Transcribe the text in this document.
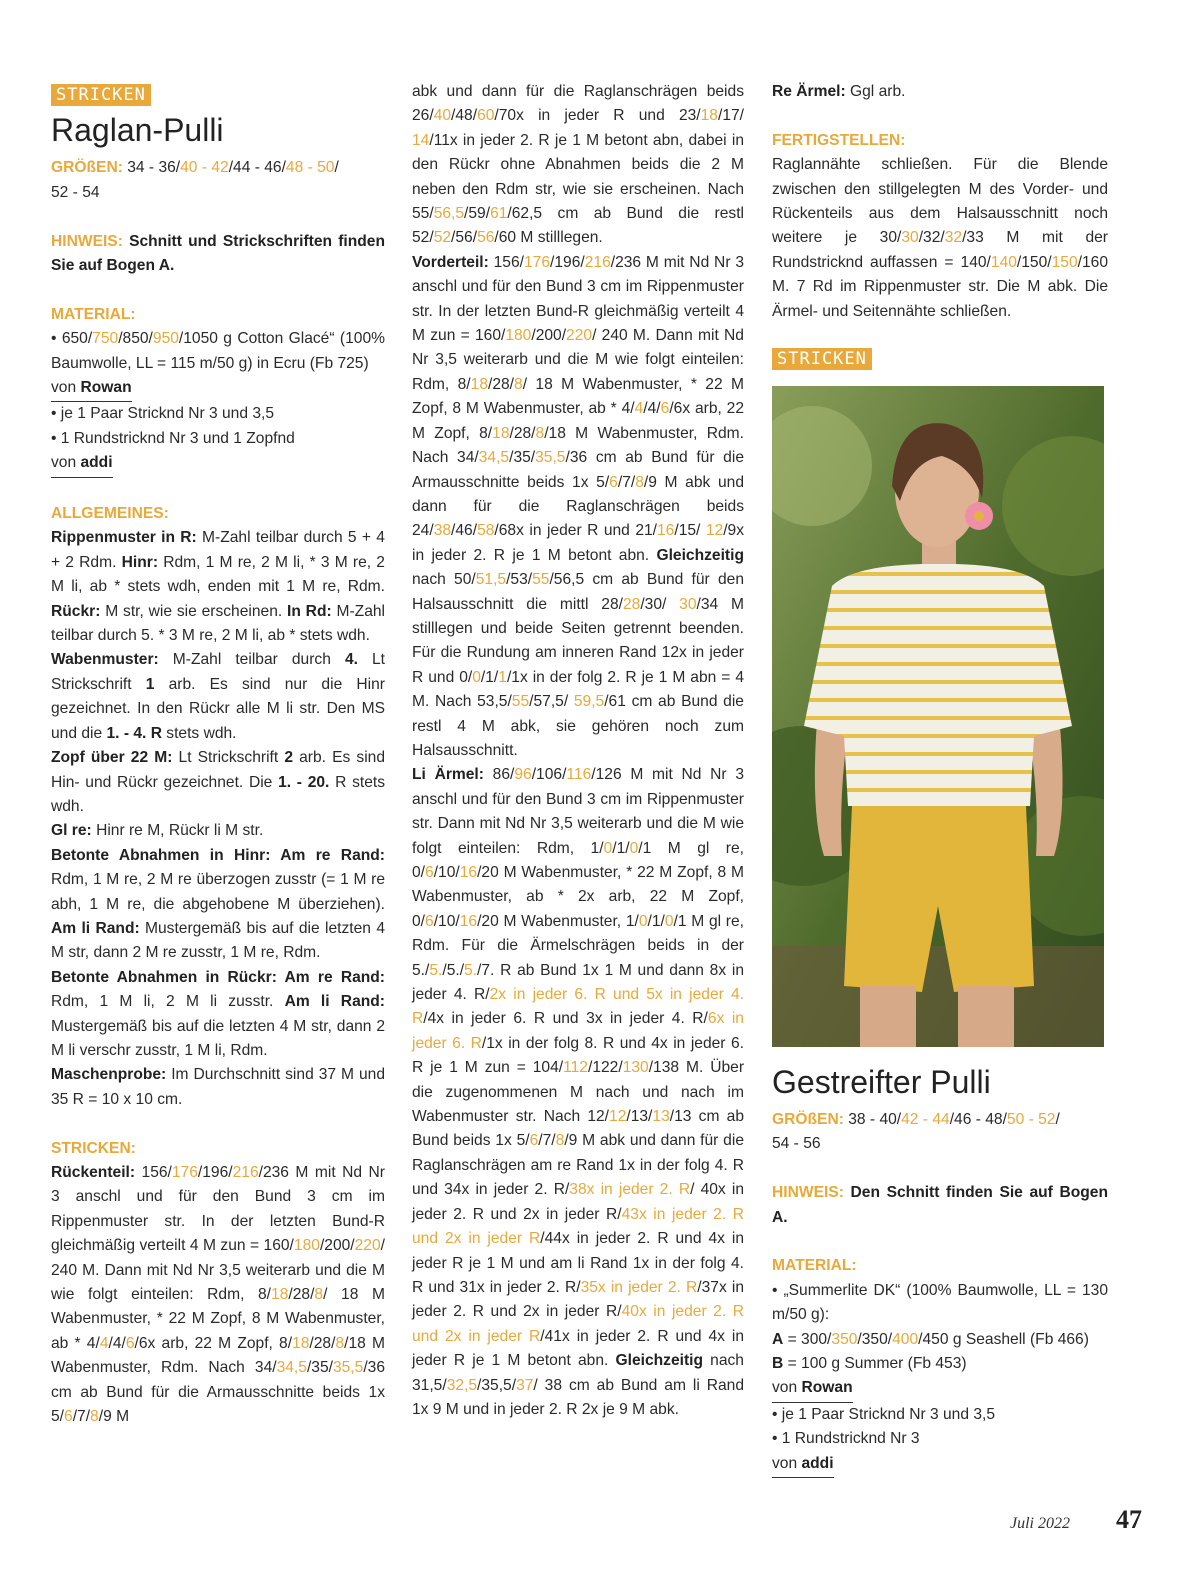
STRICKEN
Raglan-Pulli

GRÖßEN: 34 - 36/40 - 42/44 - 46/48 - 50/
52 - 54

HINWEIS: Schnitt und Strickschriften finden Sie auf Bogen A.

MATERIAL:

• 650/750/850/950/1050 g Cotton Glacé“ (100% Baumwolle, LL = 115 m/50 g) in Ecru (Fb 725)

von Rowan
• je 1 Paar Stricknd Nr 3 und 3,5
• 1 Rundstricknd Nr 3 und 1 Zopfnd
von addi
ALLGEMEINES:

Rippenmuster in R: M-Zahl teilbar durch 5 + 4 + 2 Rdm. Hinr: Rdm, 1 M re, 2 M li, * 3 M re, 2 M li, ab * stets wdh, enden mit 1 M re, Rdm. Rückr: M str, wie sie erscheinen. In Rd: M-Zahl teilbar durch 5. * 3 M re, 2 M li, ab * stets wdh.

Wabenmuster: M-Zahl teilbar durch 4. Lt Strickschrift 1 arb. Es sind nur die Hinr gezeichnet. In den Rückr alle M li str. Den MS und die 1. - 4. R stets wdh.

Zopf über 22 M: Lt Strickschrift 2 arb. Es sind Hin- und Rückr gezeichnet. Die 1. - 20. R stets wdh.

Gl re: Hinr re M, Rückr li M str.

Betonte Abnahmen in Hinr: Am re Rand: Rdm, 1 M re, 2 M re überzogen zusstr (= 1 M re abh, 1 M re, die abgehobene M überziehen). Am li Rand: Mustergemäß bis auf die letzten 4 M str, dann 2 M re zusstr, 1 M re, Rdm.

Betonte Abnahmen in Rückr: Am re Rand: Rdm, 1 M li, 2 M li zusstr. Am li Rand: Mustergemäß bis auf die letzten 4 M str, dann 2 M li verschr zusstr, 1 M li, Rdm.

Maschenprobe: Im Durchschnitt sind 37 M und 35 R = 10 x 10 cm.

STRICKEN:

Rückenteil: 156/176/196/216/236 M mit Nd Nr 3 anschl und für den Bund 3 cm im Rippenmuster str. In der letzten Bund-R gleichmäßig verteilt 4 M zun = 160/180/200/220/ 240 M. Dann mit Nd Nr 3,5 weiterarb und die M wie folgt einteilen: Rdm, 8/18/28/8/ 18 M Wabenmuster, * 22 M Zopf, 8 M Wabenmuster, ab * 4/4/4/6/6x arb, 22 M Zopf, 8/18/28/8/18 M Wabenmuster, Rdm. Nach 34/34,5/35/35,5/36 cm ab Bund für die Armausschnitte beids 1x 5/6/7/8/9 M

abk und dann für die Raglanschrägen beids 26/40/48/60/70x in jeder R und 23/18/17/ 14/11x in jeder 2. R je 1 M betont abn, dabei in den Rückr ohne Abnahmen beids die 2 M neben den Rdm str, wie sie erscheinen. Nach 55/56,5/59/61/62,5 cm ab Bund die restl 52/52/56/56/60 M stilllegen.

Vorderteil: 156/176/196/216/236 M mit Nd Nr 3 anschl und für den Bund 3 cm im Rippenmuster str. In der letzten Bund-R gleichmäßig verteilt 4 M zun = 160/180/200/220/ 240 M. Dann mit Nd Nr 3,5 weiterarb und die M wie folgt einteilen: Rdm, 8/18/28/8/ 18 M Wabenmuster, * 22 M Zopf, 8 M Wabenmuster, ab * 4/4/4/6/6x arb, 22 M Zopf, 8/18/28/8/18 M Wabenmuster, Rdm. Nach 34/34,5/35/35,5/36 cm ab Bund für die Armausschnitte beids 1x 5/6/7/8/9 M abk und dann für die Raglanschrägen beids 24/38/46/58/68x in jeder R und 21/16/15/ 12/9x in jeder 2. R je 1 M betont abn. Gleichzeitig nach 50/51,5/53/55/56,5 cm ab Bund für den Halsausschnitt die mittl 28/28/30/ 30/34 M stilllegen und beide Seiten getrennt beenden. Für die Rundung am inneren Rand 12x in jeder R und 0/0/1/1/1x in der folg 2. R je 1 M abn = 4 M. Nach 53,5/55/57,5/ 59,5/61 cm ab Bund die restl 4 M abk, sie gehören noch zum Halsausschnitt.

Li Ärmel: 86/96/106/116/126 M mit Nd Nr 3 anschl und für den Bund 3 cm im Rippenmuster str. Dann mit Nd Nr 3,5 weiterarb und die M wie folgt einteilen: Rdm, 1/0/1/0/1 M gl re, 0/6/10/16/20 M Wabenmuster, * 22 M Zopf, 8 M Wabenmuster, ab * 2x arb, 22 M Zopf, 0/6/10/16/20 M Wabenmuster, 1/0/1/0/1 M gl re, Rdm. Für die Ärmelschrägen beids in der 5./5./5./5./7. R ab Bund 1x 1 M und dann 8x in jeder 4. R/2x in jeder 6. R und 5x in jeder 4. R/4x in jeder 6. R und 3x in jeder 4. R/6x in jeder 6. R/1x in der folg 8. R und 4x in jeder 6. R je 1 M zun = 104/112/122/130/138 M. Über die zugenommenen M nach und nach im Wabenmuster str. Nach 12/12/13/13/13 cm ab Bund beids 1x 5/6/7/8/9 M abk und dann für die Raglanschrägen am re Rand 1x in der folg 4. R und 34x in jeder 2. R/38x in jeder 2. R/ 40x in jeder 2. R und 2x in jeder R/43x in jeder 2. R und 2x in jeder R/44x in jeder 2. R und 4x in jeder R je 1 M und am li Rand 1x in der folg 4. R und 31x in jeder 2. R/35x in jeder 2. R/37x in jeder 2. R und 2x in jeder R/40x in jeder 2. R und 2x in jeder R/41x in jeder 2. R und 4x in jeder R je 1 M betont abn. Gleichzeitig nach 31,5/32,5/35,5/37/ 38 cm ab Bund am li Rand 1x 9 M und in jeder 2. R 2x je 9 M abk.

Re Ärmel: Ggl arb.

FERTIGSTELLEN:

Raglannähte schließen. Für die Blende zwischen den stillgelegten M des Vorder- und Rückenteils aus dem Halsausschnitt noch weitere je 30/30/32/32/33 M mit der Rundstricknd auffassen = 140/140/150/150/160 M. 7 Rd im Rippenmuster str. Die M abk. Die Ärmel- und Seitennähte schließen.

STRICKEN
Gestreifter Pulli

GRÖßEN: 38 - 40/42 - 44/46 - 48/50 - 52/
54 - 56

HINWEIS: Den Schnitt finden Sie auf Bogen A.

MATERIAL:

• „Summerlite DK“ (100% Baumwolle, LL = 130 m/50 g):

A = 300/350/350/400/450 g Seashell (Fb 466)

B = 100 g Summer (Fb 453)

von Rowan
• je 1 Paar Stricknd Nr 3 und 3,5
• 1 Rundstricknd Nr 3
von addi
Juli 2022 47
